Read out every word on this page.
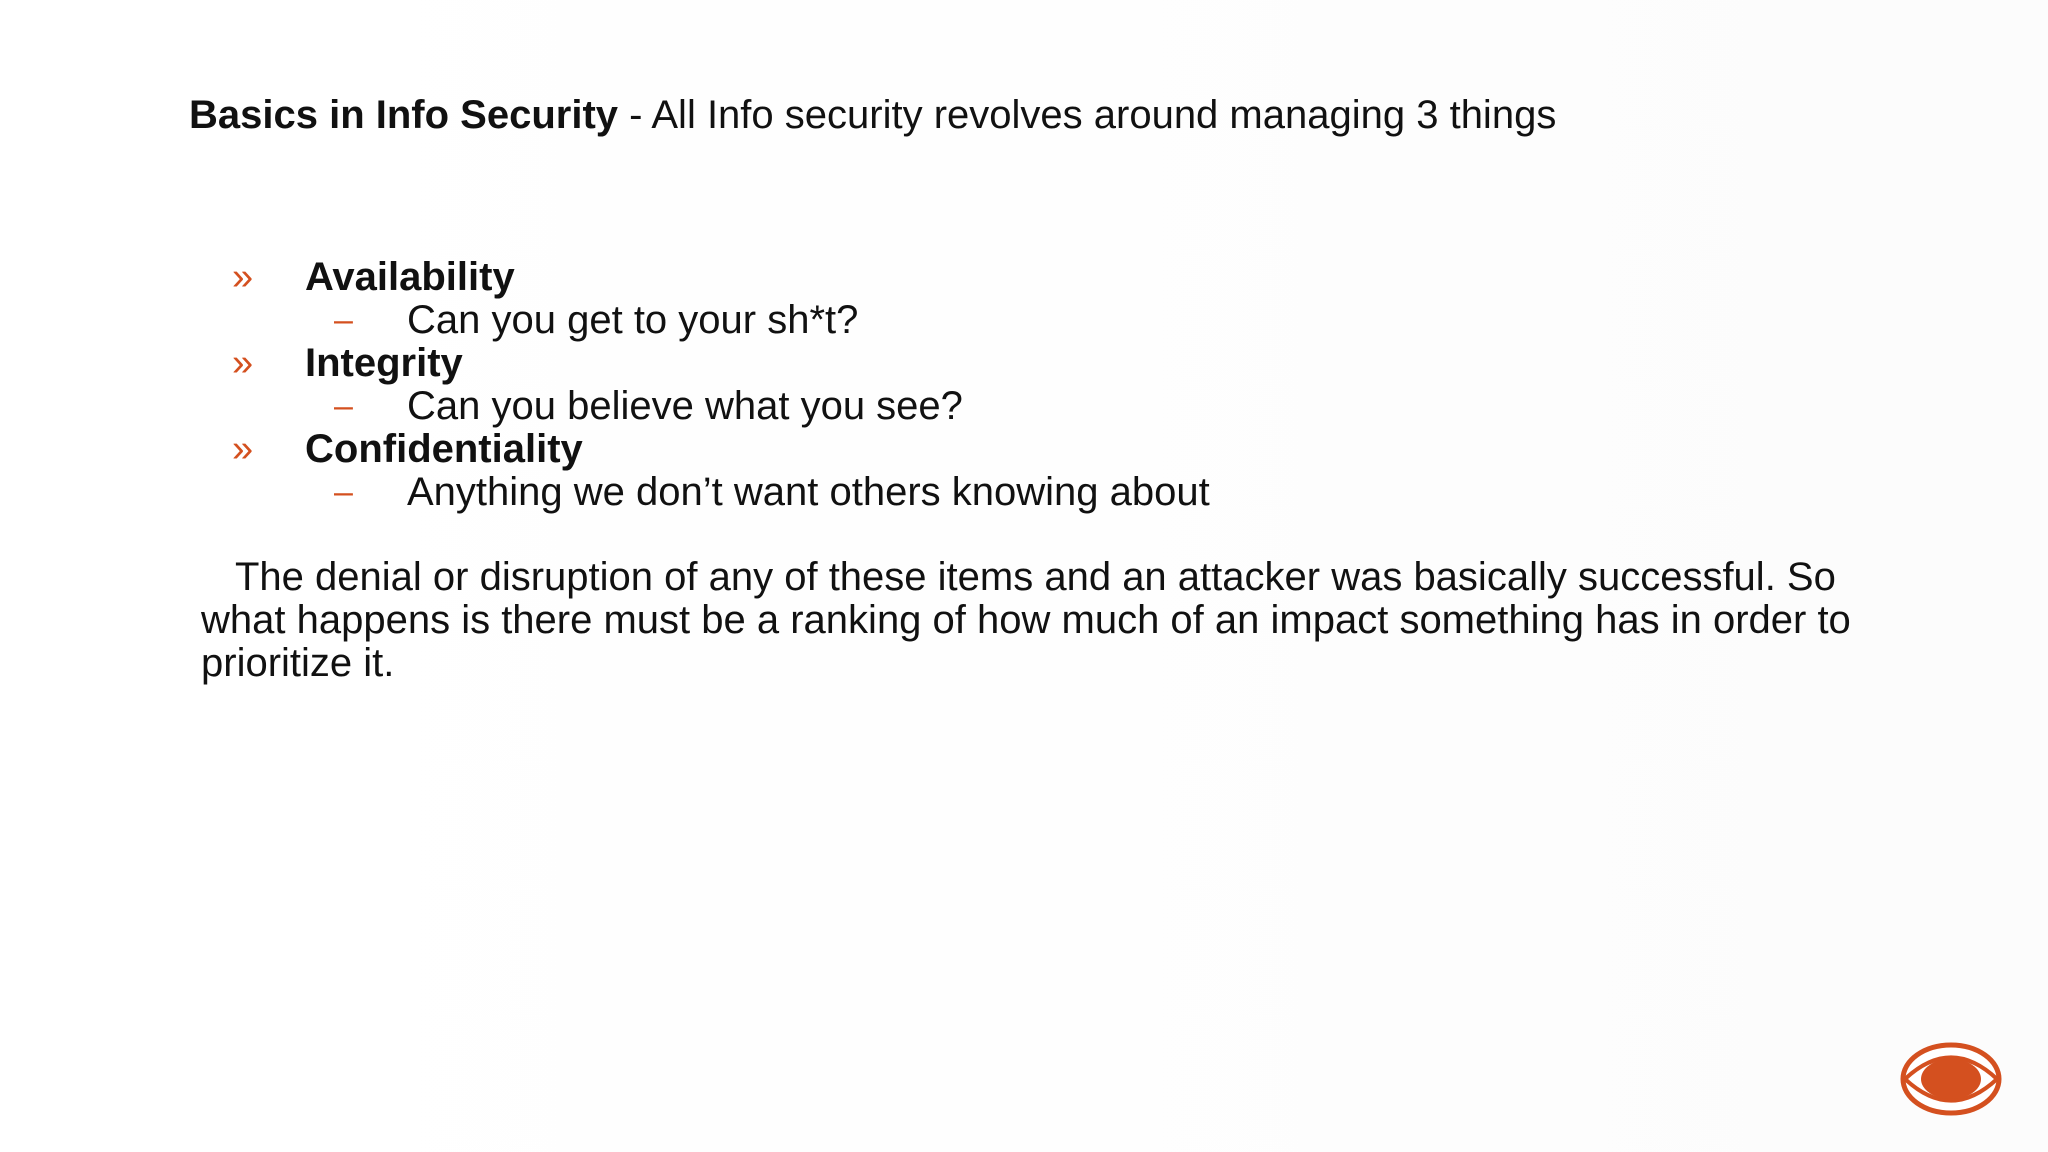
Basics in Info Security - All Info security revolves around managing 3 things
» Availability
– Can you get to your sh*t?
» Integrity
– Can you believe what you see?
» Confidentiality
– Anything we don’t want others knowing about

The denial or disruption of any of these items and an attacker was basically successful. So what happens is there must be a ranking of how much of an impact something has in order to prioritize it.
